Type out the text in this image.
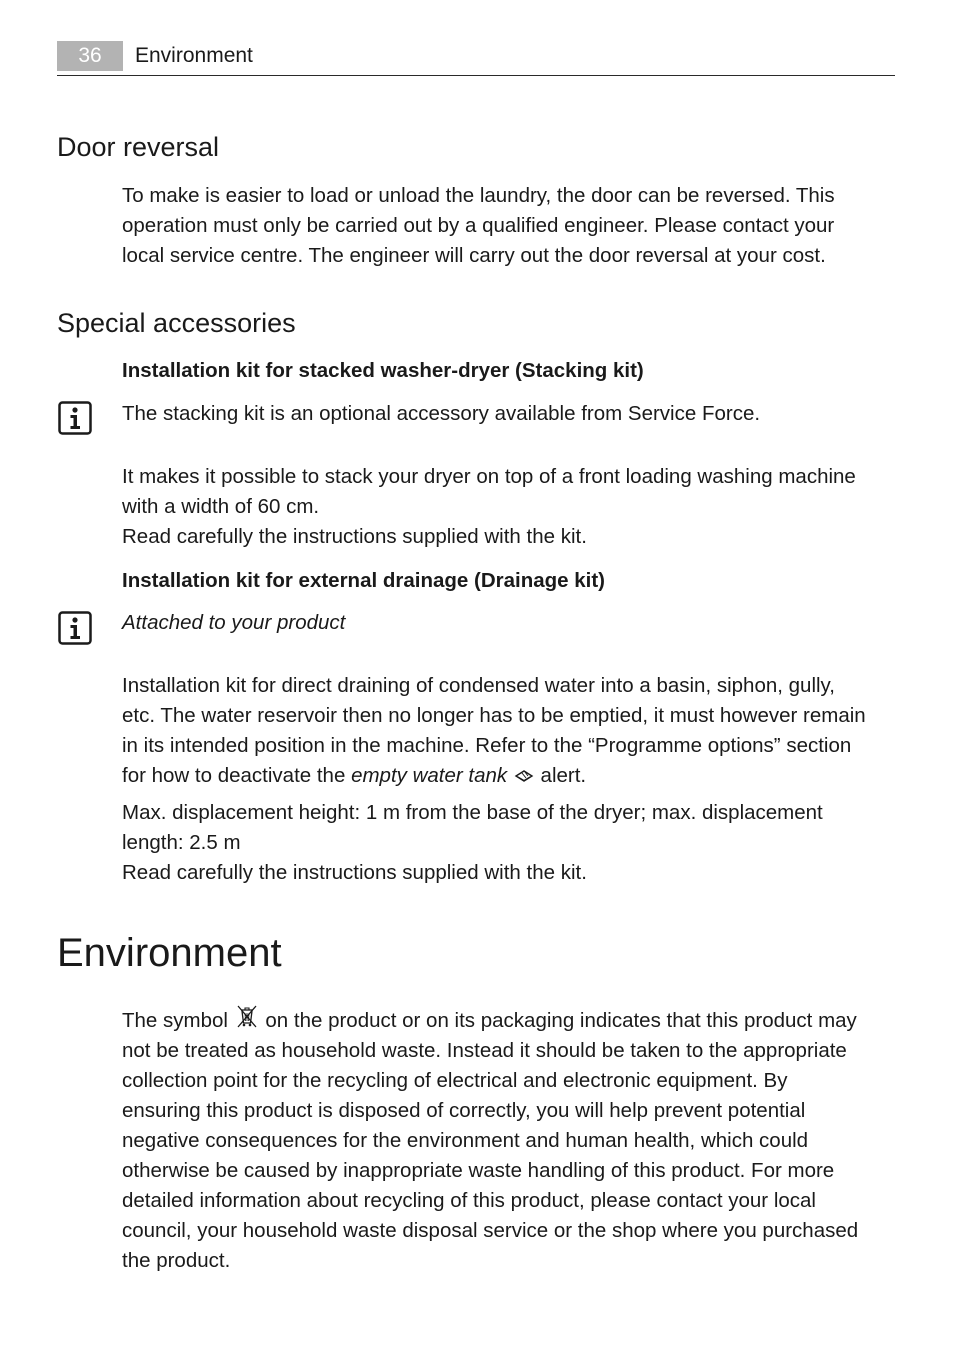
36	Environment
Door reversal
To make is easier to load or unload the laundry, the door can be reversed. This
operation must only be carried out by a qualified engineer. Please contact your
local service centre. The engineer will carry out the door reversal at your cost.
Special accessories
Installation kit for stacked washer-dryer (Stacking kit)
The stacking kit is an optional accessory available from Service Force.
It makes it possible to stack your dryer on top of a front loading washing machine
with a width of 60 cm.
Read carefully the instructions supplied with the kit.
Installation kit for external drainage (Drainage kit)
Attached to your product
Installation kit for direct draining of condensed water into a basin, siphon, gully,
etc. The water reservoir then no longer has to be emptied, it must however remain
in its intended position in the machine. Refer to the “Programme options” section
for how to deactivate the empty water tank  alert.
Max. displacement height: 1 m from the base of the dryer; max. displacement
length: 2.5 m
Read carefully the instructions supplied with the kit.
Environment
The symbol on the product or on its packaging indicates that this product may
not be treated as household waste. Instead it should be taken to the appropriate
collection point for the recycling of electrical and electronic equipment. By
ensuring this product is disposed of correctly, you will help prevent potential
negative consequences for the environment and human health, which could
otherwise be caused by inappropriate waste handling of this product. For more
detailed information about recycling of this product, please contact your local
council, your household waste disposal service or the shop where you purchased
the product.
